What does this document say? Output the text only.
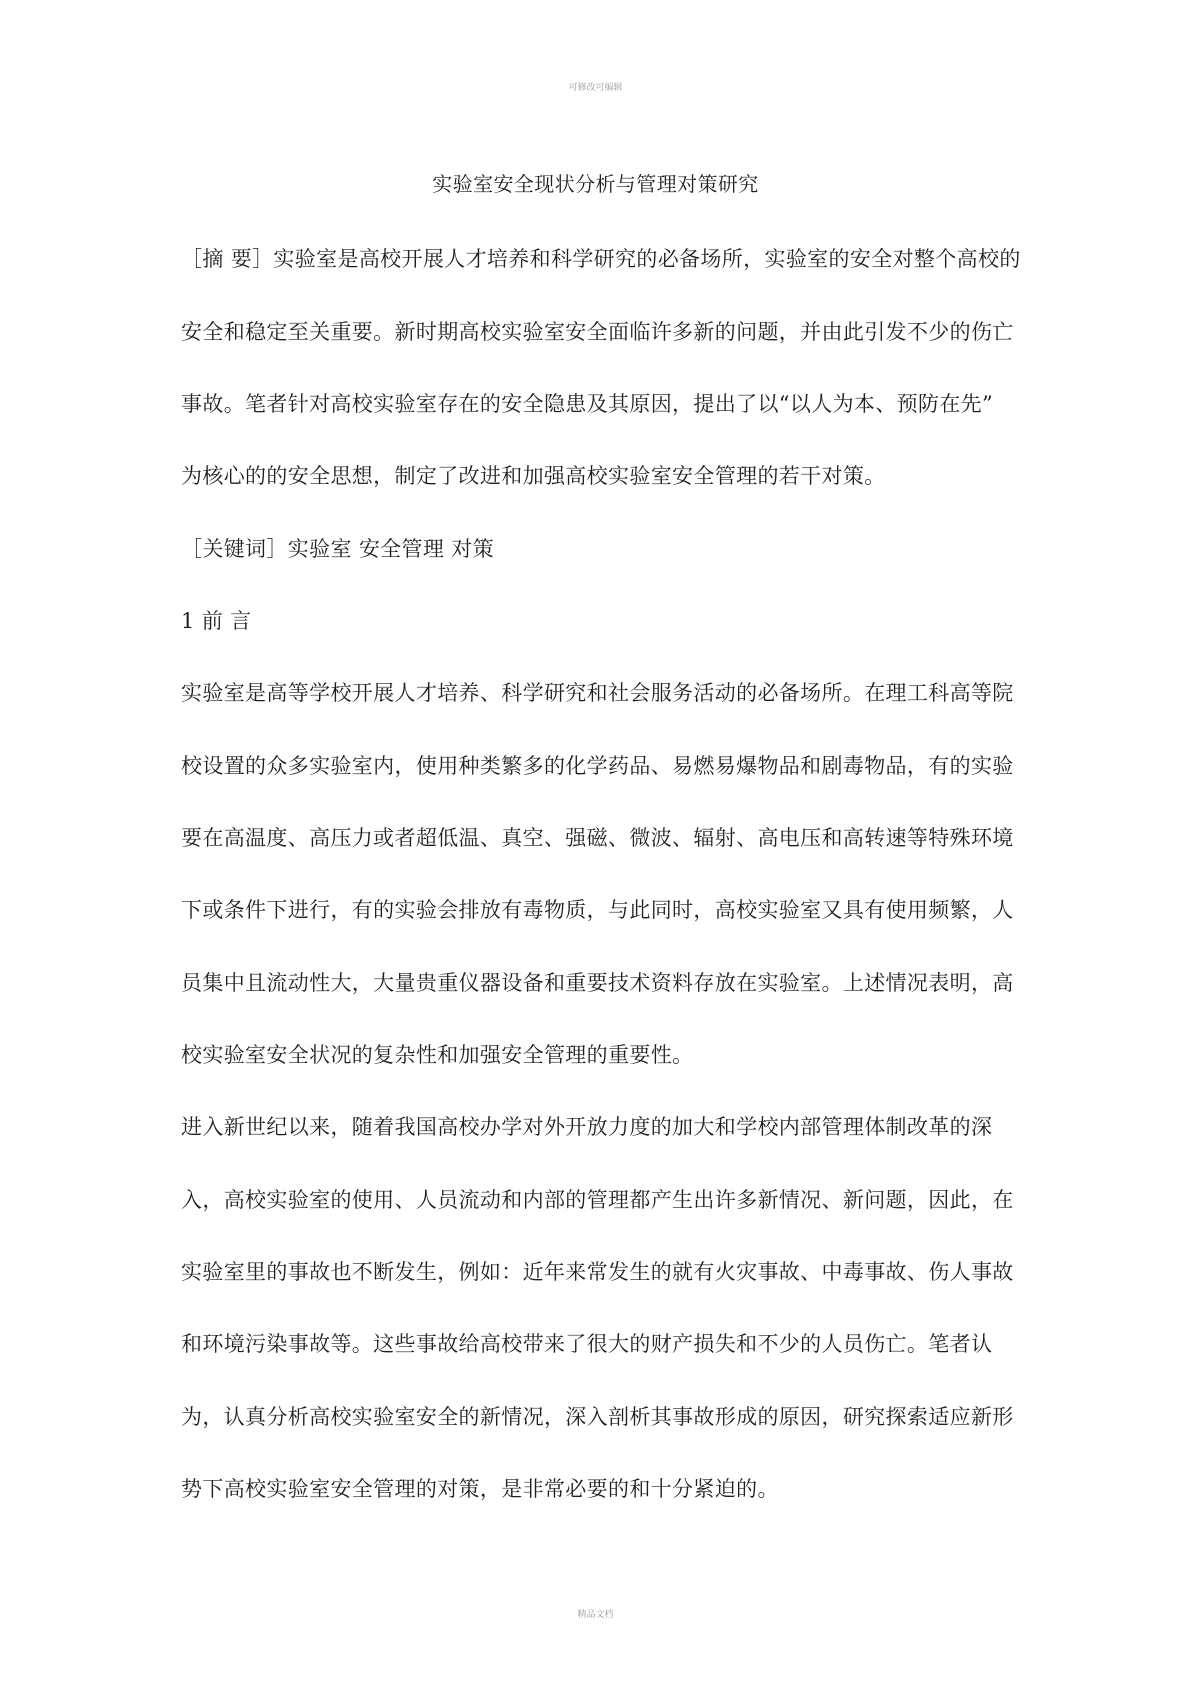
可修改可编辑
实验室安全现状分析与管理对策研究
［摘 要］实验室是高校开展人才培养和科学研究的必备场所，实验室的安全对整个高校的
安全和稳定至关重要。新时期高校实验室安全面临许多新的问题，并由此引发不少的伤亡
事故。笔者针对高校实验室存在的安全隐患及其原因，提出了以“以人为本、预防在先”
为核心的的安全思想，制定了改进和加强高校实验室安全管理的若干对策。
［关键词］实验室 安全管理 对策
1 前 言
实验室是高等学校开展人才培养、科学研究和社会服务活动的必备场所。在理工科高等院
校设置的众多实验室内，使用种类繁多的化学药品、易燃易爆物品和剧毒物品，有的实验
要在高温度、高压力或者超低温、真空、强磁、微波、辐射、高电压和高转速等特殊环境
下或条件下进行，有的实验会排放有毒物质，与此同时，高校实验室又具有使用频繁，人
员集中且流动性大，大量贵重仪器设备和重要技术资料存放在实验室。上述情况表明，高
校实验室安全状况的复杂性和加强安全管理的重要性。
进入新世纪以来，随着我国高校办学对外开放力度的加大和学校内部管理体制改革的深
入，高校实验室的使用、人员流动和内部的管理都产生出许多新情况、新问题，因此，在
实验室里的事故也不断发生，例如：近年来常发生的就有火灾事故、中毒事故、伤人事故
和环境污染事故等。这些事故给高校带来了很大的财产损失和不少的人员伤亡。笔者认
为，认真分析高校实验室安全的新情况，深入剖析其事故形成的原因，研究探索适应新形
势下高校实验室安全管理的对策，是非常必要的和十分紧迫的。
精品文档
